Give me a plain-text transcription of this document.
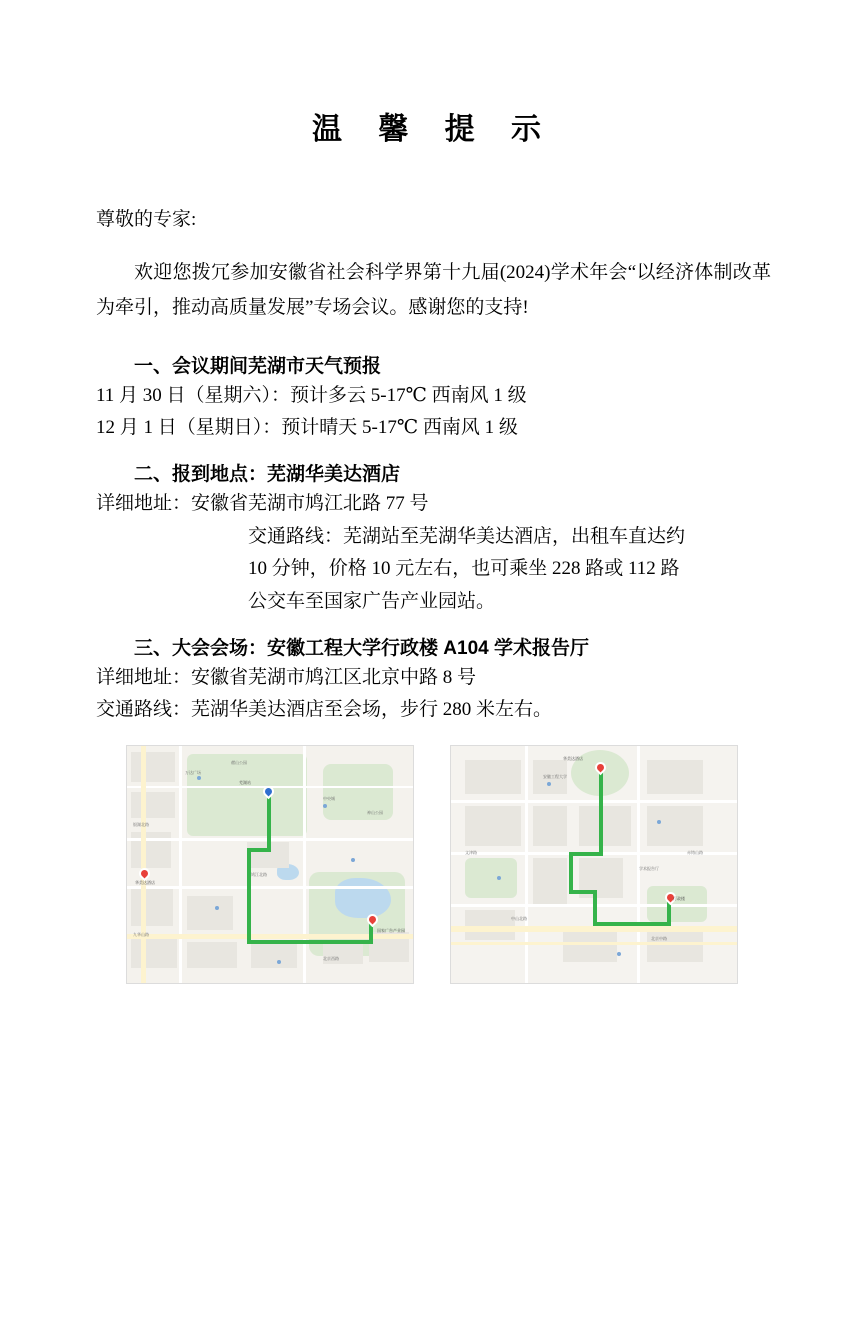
温 馨 提 示
尊敬的专家:
欢迎您拨冗参加安徽省社会科学界第十九届(2024)学术年会“以经济体制改革为牵引，推动高质量发展”专场会议。感谢您的支持!
一、会议期间芜湖市天气预报
11 月 30 日（星期六）：预计多云 5-17℃ 西南风 1 级
12 月 1 日（星期日）：预计晴天 5-17℃ 西南风 1 级
二、报到地点：芜湖华美达酒店
详细地址：安徽省芜湖市鸠江北路 77 号
交通路线：芜湖站至芜湖华美达酒店，出租车直达约
10 分钟，价格 10 元左右，也可乘坐 228 路或 112 路
公交车至国家广告产业园站。
三、大会会场：安徽工程大学行政楼 A104 学术报告厅
详细地址：安徽省芜湖市鸠江区北京中路 8 号
交通路线：芜湖华美达酒店至会场，步行 280 米左右。
万达广场
鸠江北路
中央城
神山公园
银湖北路
北京西路
赭山公园
九华山路
国家广告产业园
芜湖站
华美达酒店
安徽工程大学
北京中路
行政楼
文津路
华美达酒店
学术报告厅
中山北路
赤铸山路
